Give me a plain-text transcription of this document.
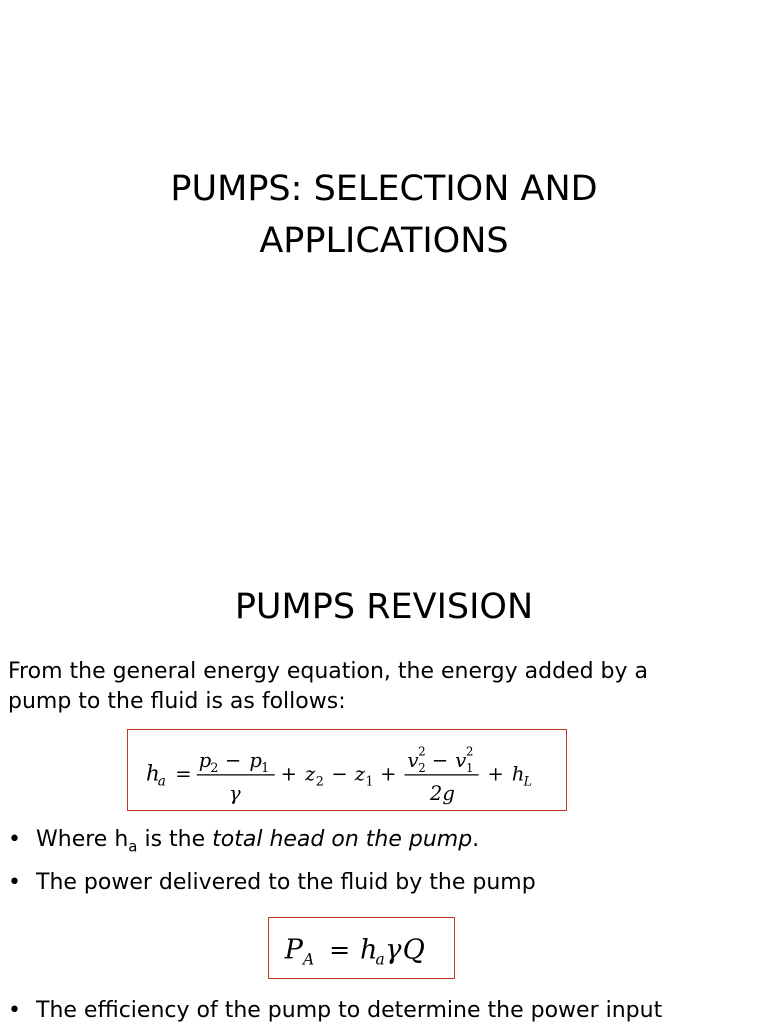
PUMPS: SELECTION AND
APPLICATIONS
PUMPS REVISION

From the general energy equation, the energy added by a
pump to the fluid is as follows:

h
a =
p 2 − p 1
γ
+ z 2 − z 1 +
v 2
2 − v 2
1
2g
+ h L

• Where $h_a$ is the total head on the pump.

• The power delivered to the fluid by the pump

P A = h
a γ Q

• The efficiency of the pump to determine the power input
